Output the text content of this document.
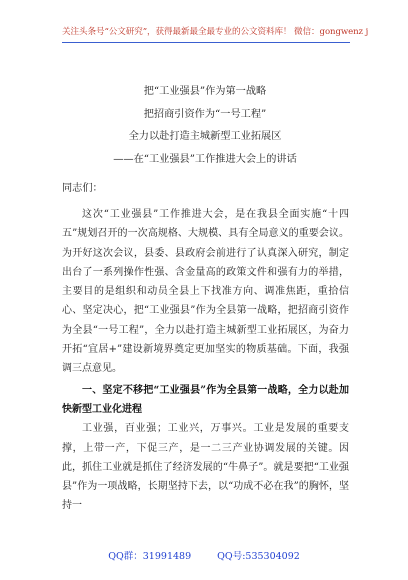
关注头条号“公文研究”，获得最新最全最专业的公文资料库！ 微信：gongwenz j
把“工业强县”作为第一战略
把招商引资作为“一号工程”
全力以赴打造主城新型工业拓展区
——在“工业强县”工作推进大会上的讲话
同志们：

这次“工业强县”工作推进大会，是在我县全面实施“十四五”规划召开的一次高规格、大规模、具有全局意义的重要会议。为开好这次会议，县委、县政府会前进行了认真深入研究，制定出台了一系列操作性强、含金量高的政策文件和强有力的举措，主要目的是组织和动员全县上下找准方向、调准焦距，重拾信心、坚定决心，把“工业强县”作为全县第一战略，把招商引资作为全县“一号工程”，全力以赴打造主城新型工业拓展区，为奋力开拓“宜居+”建设新境界奠定更加坚实的物质基础。下面，我强调三点意见。

一、坚定不移把“工业强县”作为全县第一战略，全力以赴加快新型工业化进程

工业强，百业强；工业兴，万事兴。工业是发展的重要支撑，上带一产，下促三产，是一二三产业协调发展的关键。因此，抓住工业就是抓住了经济发展的“牛鼻子”。就是要把“工业强县”作为一项战略，长期坚持下去，以“功成不必在我”的胸怀，坚持一

QQ群：31991489	QQ号:535304092
